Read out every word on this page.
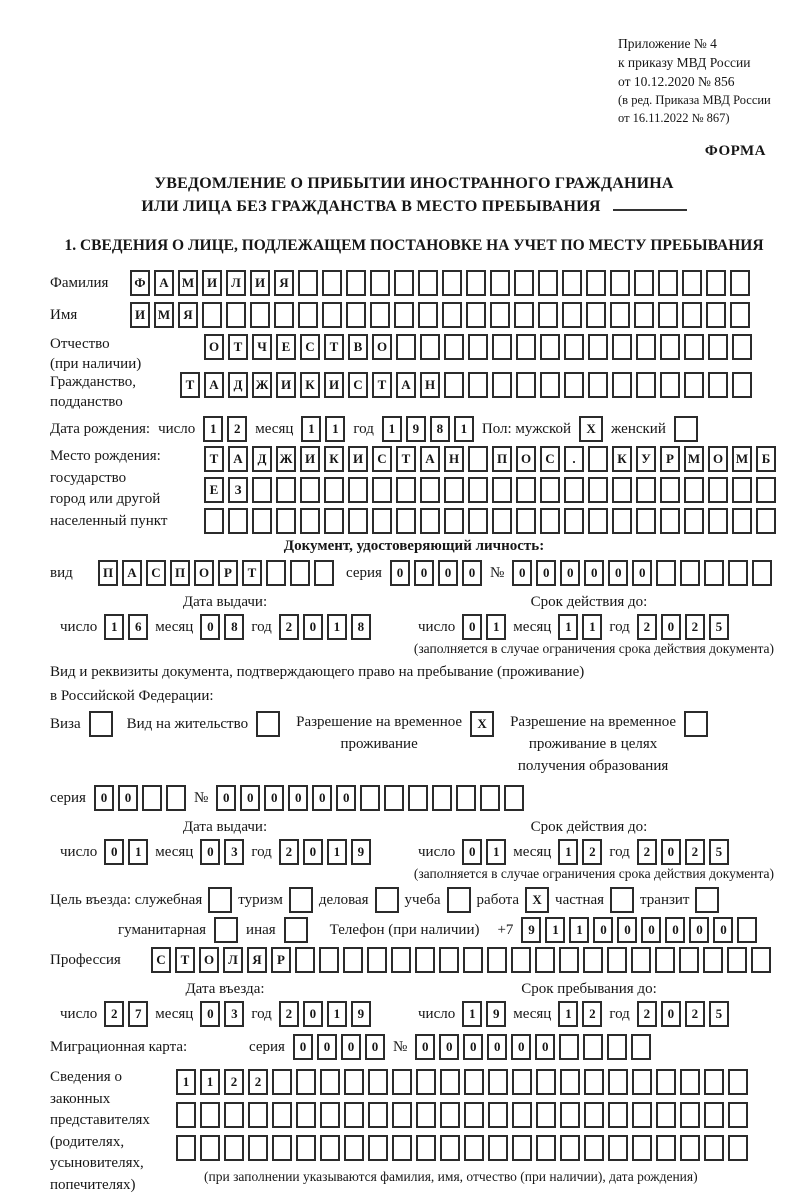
Приложение № 4
к приказу МВД России
от 10.12.2020 № 856
(в ред. Приказа МВД России
от 16.11.2022 № 867)
ФОРМА
УВЕДОМЛЕНИЕ О ПРИБЫТИИ ИНОСТРАННОГО ГРАЖДАНИНА
ИЛИ ЛИЦА БЕЗ ГРАЖДАНСТВА В МЕСТО ПРЕБЫВАНИЯ
1. СВЕДЕНИЯ О ЛИЦЕ, ПОДЛЕЖАЩЕМ ПОСТАНОВКЕ НА УЧЕТ ПО МЕСТУ ПРЕБЫВАНИЯ
Фамилия	Ф	А	М И	Л	И	Я
Имя	И М	Я
Отчество
(при наличии)
О	Т	Ч	Е	С	Т	В	О
Гражданство,
подданство
Т	А	Д	Ж И	К	И	С	Т	А	Н
Дата рождения: число	1	2 месяц	1	1 год	1	9	8	1 Пол: мужской	X	женский
Место рождения:
государство
город или другой
населенный пункт
Т	А	Д	Ж И	К	И	С	Т	А	Н	П	О	С	.	К	У	Р	М О М	Б
Е	З
Документ, удостоверяющий личность:
вид	П	А	С	П	О	Р	Т	серия	0	0	0	0 №	0	0	0	0	0	0
Дата выдачи:	Срок действия до:
число	1	6 месяц	0	8 год	2	0	1	8	число	0	1 месяц	1	1 год	2	0	2	5
(заполняется в случае ограничения срока действия документа)
Вид и реквизиты документа, подтверждающего право на пребывание (проживание)
в Российской Федерации:
Виза	Вид на жительство	Разрешение на временное
проживание
X	Разрешение на временное
проживание в целях
получения образования
серия	0	0	№	0	0	0	0	0	0
Дата выдачи:	Срок действия до:
число	0	1 месяц	0	3 год	2	0	1	9	число	0	1 месяц	1	2 год	2	0	2	5
(заполняется в случае ограничения срока действия документа)
Цель въезда: служебная туризм деловая учеба работа	X частная транзит
гуманитарная	иная	Телефон (при наличии) +7	9	1	1	0	0	0	0	0	0
Профессия	С	Т	О	Л	Я	Р
Дата въезда:	Срок пребывания до:
число	2	7 месяц	0	3 год	2	0	1	9	число	1	9 месяц	1	2 год	2	0	2	5
Миграционная карта:	серия	0	0	0	0 №	0	0	0	0	0	0
Сведения о
законных
представителях
(родителях,
усыновителях,
попечителях)
1	1	2	2
(при заполнении указываются фамилия, имя, отчество (при наличии), дата рождения)
